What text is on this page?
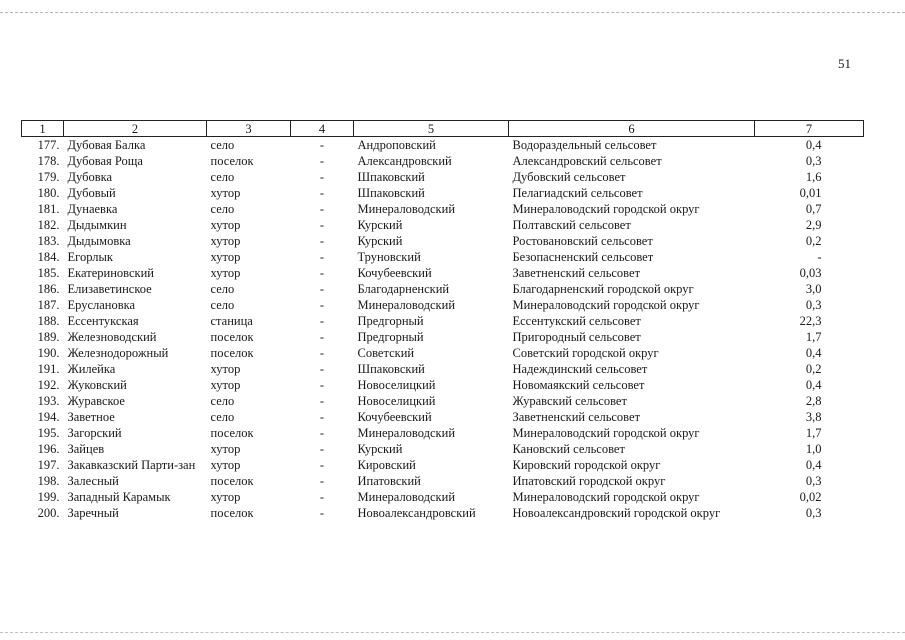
51
1	2	3	4	5	6	7
177.	Дубовая Балка	село	-	Андроповский	Водораздельный сельсовет	0,4
178.	Дубовая Роща	поселок	-	Александровский	Александровский сельсовет	0,3
179.	Дубовка	село	-	Шпаковский	Дубовский сельсовет	1,6
180.	Дубовый	хутор	-	Шпаковский	Пелагиадский сельсовет	0,01
181.	Дунаевка	село	-	Минераловодский	Минераловодский городской округ	0,7
182.	Дыдымкин	хутор	-	Курский	Полтавский сельсовет	2,9
183.	Дыдымовка	хутор	-	Курский	Ростовановский сельсовет	0,2
184.	Егорлык	хутор	-	Труновский	Безопасненский сельсовет	-
185.	Екатериновский	хутор	-	Кочубеевский	Заветненский сельсовет	0,03
186.	Елизаветинское	село	-	Благодарненский	Благодарненский городской округ	3,0
187.	Еруслановка	село	-	Минераловодский	Минераловодский городской округ	0,3
188.	Ессентукская	станица	-	Предгорный	Ессентукский сельсовет	22,3
189.	Железноводский	поселок	-	Предгорный	Пригородный сельсовет	1,7
190.	Железнодорожный	поселок	-	Советский	Советский городской округ	0,4
191.	Жилейка	хутор	-	Шпаковский	Надеждинский сельсовет	0,2
192.	Жуковский	хутор	-	Новоселицкий	Новомаякский сельсовет	0,4
193.	Журавское	село	-	Новоселицкий	Журавский сельсовет	2,8
194.	Заветное	село	-	Кочубеевский	Заветненский сельсовет	3,8
195.	Загорский	поселок	-	Минераловодский	Минераловодский городской округ	1,7
196.	Зайцев	хутор	-	Курский	Кановский сельсовет	1,0
197.	Закавказский Парти-зан	хутор	-	Кировский	Кировский городской округ	0,4
198.	Залесный	поселок	-	Ипатовский	Ипатовский городской округ	0,3
199.	Западный Карамык	хутор	-	Минераловодский	Минераловодский городской округ	0,02
200.	Заречный	поселок	-	Новоалександровский	Новоалександровский городской округ	0,3
